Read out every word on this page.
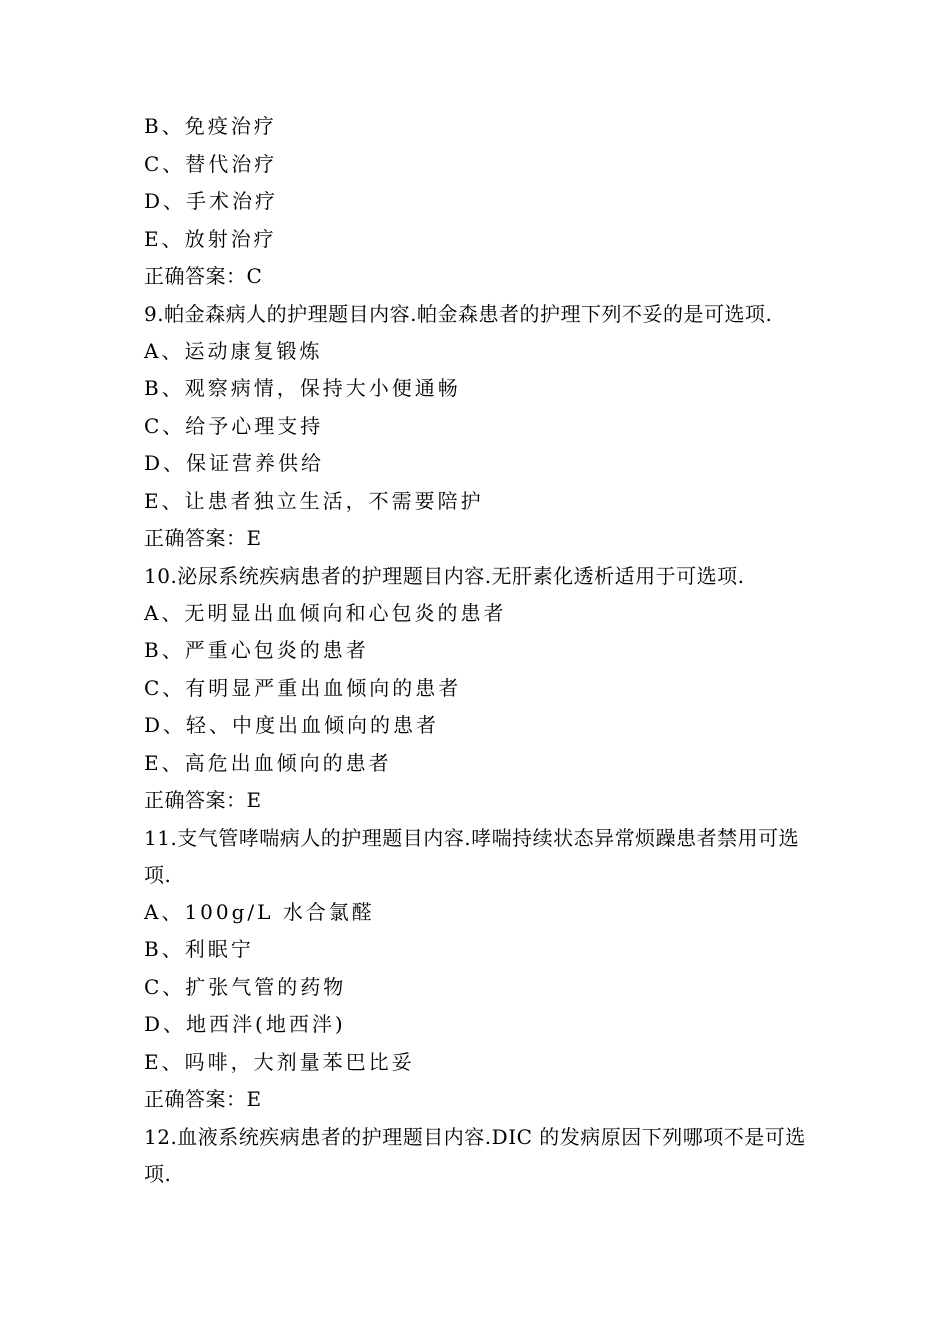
B、免疫治疗
C、替代治疗
D、手术治疗
E、放射治疗
正确答案：C
9.帕金森病人的护理题目内容.帕金森患者的护理下列不妥的是可选项.
A、运动康复锻炼
B、观察病情，保持大小便通畅
C、给予心理支持
D、保证营养供给
E、让患者独立生活，不需要陪护
正确答案：E
10.泌尿系统疾病患者的护理题目内容.无肝素化透析适用于可选项.
A、无明显出血倾向和心包炎的患者
B、严重心包炎的患者
C、有明显严重出血倾向的患者
D、轻、中度出血倾向的患者
E、高危出血倾向的患者
正确答案：E
11.支气管哮喘病人的护理题目内容.哮喘持续状态异常烦躁患者禁用可选项.
A、100g/L 水合氯醛
B、利眠宁
C、扩张气管的药物
D、地西泮(地西泮)
E、吗啡，大剂量苯巴比妥
正确答案：E
12.血液系统疾病患者的护理题目内容.DIC 的发病原因下列哪项不是可选项.
